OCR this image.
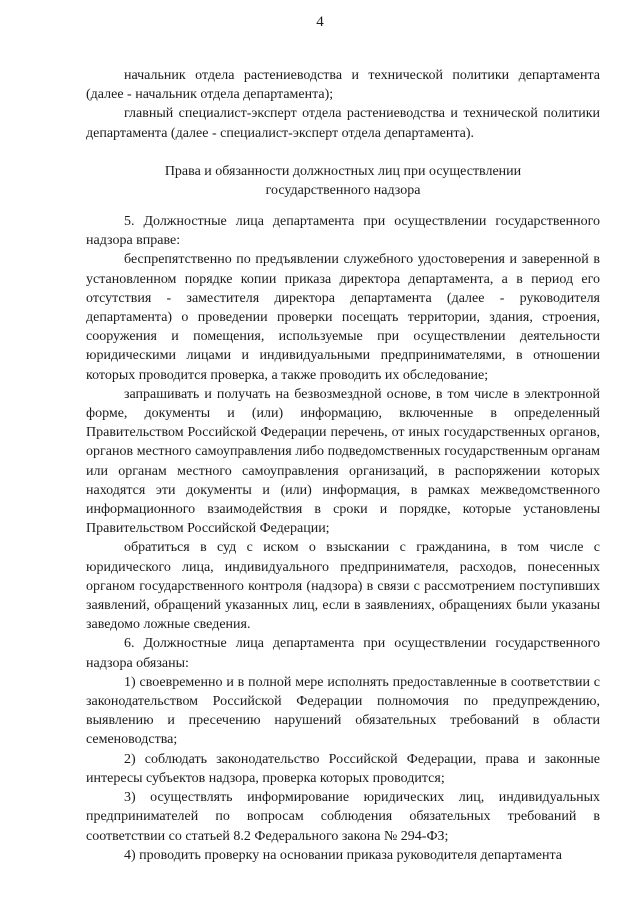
4

начальник отдела растениеводства и технической политики департамента (далее - начальник отдела департамента);

главный специалист-эксперт отдела растениеводства и технической политики департамента (далее - специалист-эксперт отдела департамента).

Права и обязанности должностных лиц при осуществлении государственного надзора

5. Должностные лица департамента при осуществлении государственного надзора вправе:

беспрепятственно по предъявлении служебного удостоверения и заверенной в установленном порядке копии приказа директора департамента, а в период его отсутствия - заместителя директора департамента (далее - руководителя департамента) о проведении проверки посещать территории, здания, строения, сооружения и помещения, используемые при осуществлении деятельности юридическими лицами и индивидуальными предпринимателями, в отношении которых проводится проверка, а также проводить их обследование;

запрашивать и получать на безвозмездной основе, в том числе в электронной форме, документы и (или) информацию, включенные в определенный Правительством Российской Федерации перечень, от иных государственных органов, органов местного самоуправления либо подведомственных государственным органам или органам местного самоуправления организаций, в распоряжении которых находятся эти документы и (или) информация, в рамках межведомственного информационного взаимодействия в сроки и порядке, которые установлены Правительством Российской Федерации;

обратиться в суд с иском о взыскании с гражданина, в том числе с юридического лица, индивидуального предпринимателя, расходов, понесенных органом государственного контроля (надзора) в связи с рассмотрением поступивших заявлений, обращений указанных лиц, если в заявлениях, обращениях были указаны заведомо ложные сведения.

6. Должностные лица департамента при осуществлении государственного надзора обязаны:

1) своевременно и в полной мере исполнять предоставленные в соответствии с законодательством Российской Федерации полномочия по предупреждению, выявлению и пресечению нарушений обязательных требований в области семеноводства;

2) соблюдать законодательство Российской Федерации, права и законные интересы субъектов надзора, проверка которых проводится;

3) осуществлять информирование юридических лиц, индивидуальных предпринимателей по вопросам соблюдения обязательных требований в соответствии со статьей 8.2 Федерального закона № 294-ФЗ;

4) проводить проверку на основании приказа руководителя департамента
